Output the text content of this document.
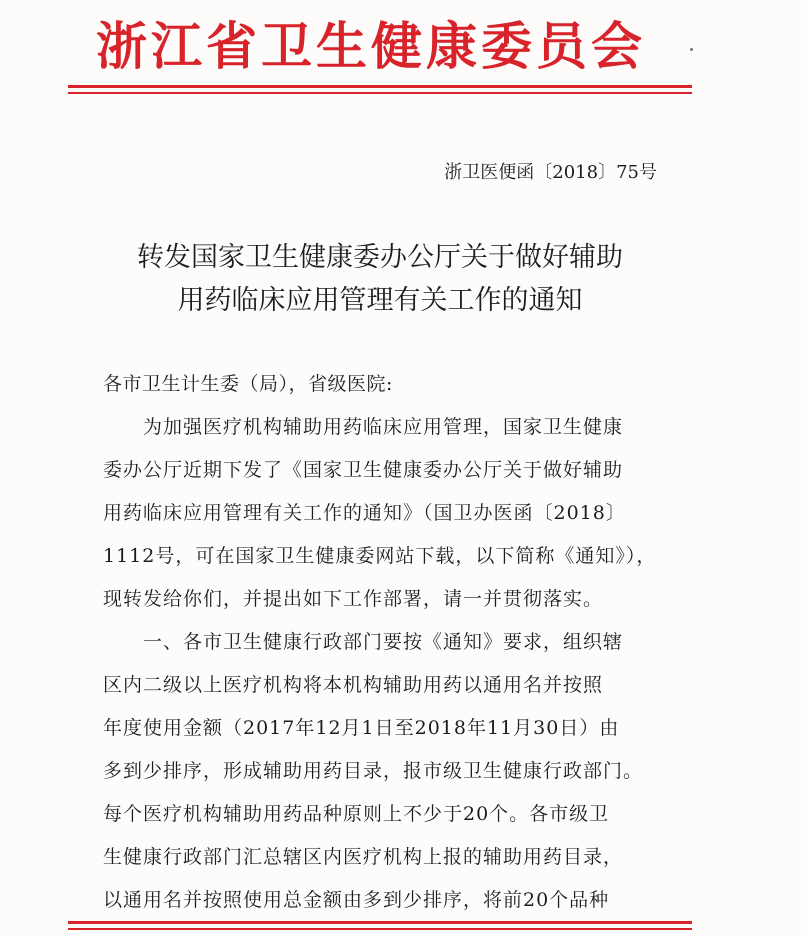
浙江省卫生健康委员会
浙卫医便函〔2018〕75号
转发国家卫生健康委办公厅关于做好辅助
用药临床应用管理有关工作的通知
各市卫生计生委（局），省级医院:
　　为加强医疗机构辅助用药临床应用管理，国家卫生健康
委办公厅近期下发了《国家卫生健康委办公厅关于做好辅助
用药临床应用管理有关工作的通知》（国卫办医函〔2018〕
1112号，可在国家卫生健康委网站下载，以下简称《通知》），
现转发给你们，并提出如下工作部署，请一并贯彻落实。
　　一、各市卫生健康行政部门要按《通知》要求，组织辖
区内二级以上医疗机构将本机构辅助用药以通用名并按照
年度使用金额（2017年12月1日至2018年11月30日）由
多到少排序，形成辅助用药目录，报市级卫生健康行政部门。
每个医疗机构辅助用药品种原则上不少于20个。各市级卫
生健康行政部门汇总辖区内医疗机构上报的辅助用药目录，
以通用名并按照使用总金额由多到少排序，将前20个品种
